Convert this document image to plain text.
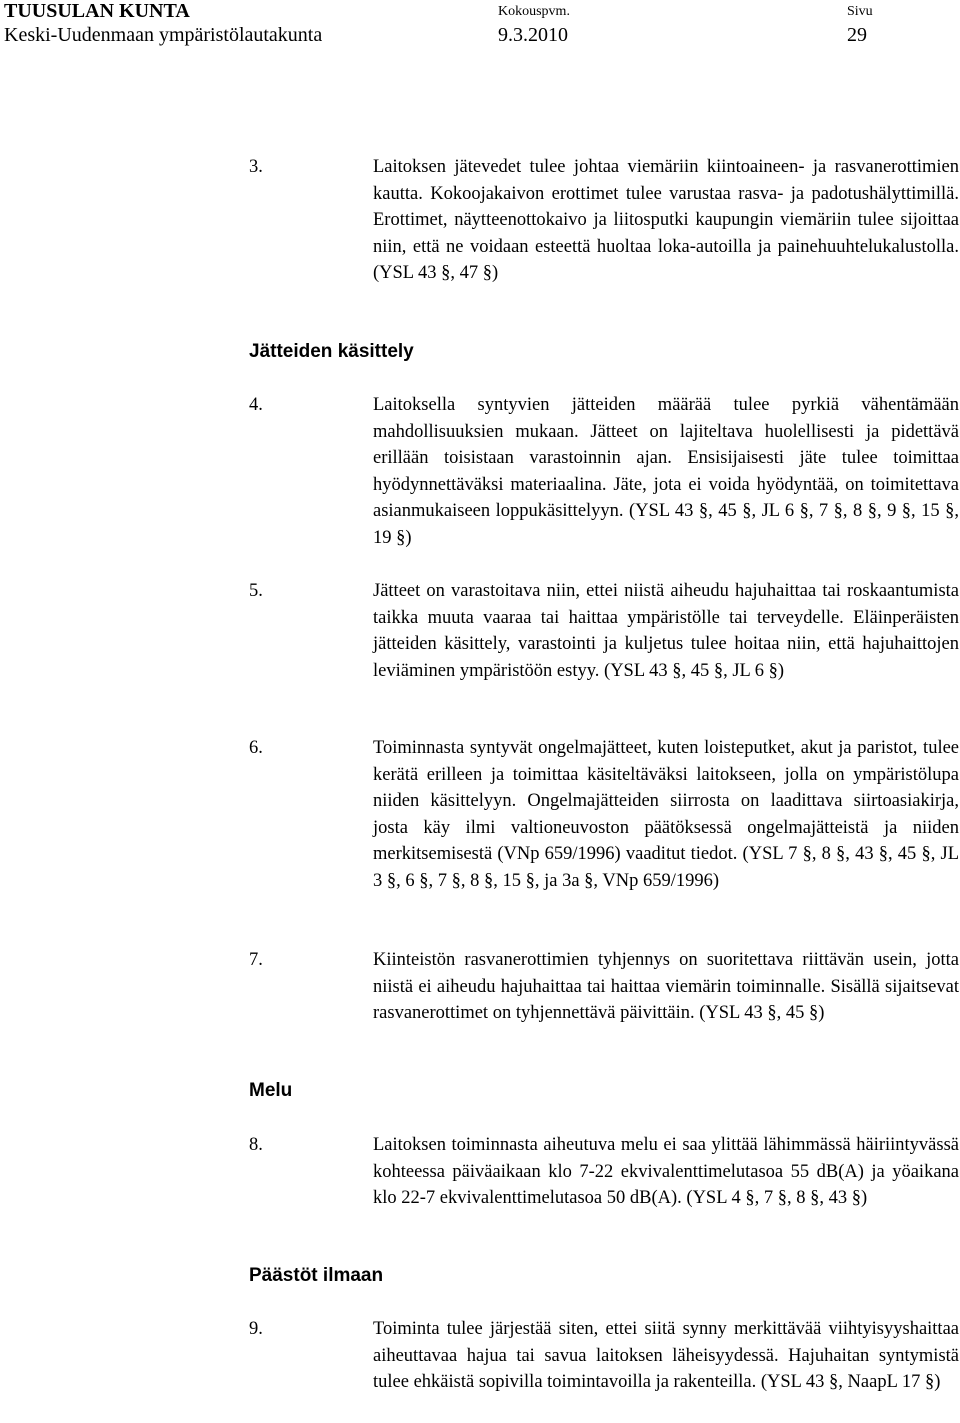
TUUSULAN KUNTA
Keski-Uudenmaan ympäristölautakunta
Kokouspvm.
9.3.2010
Sivu
29
3.	Laitoksen jätevedet tulee johtaa viemäriin kiintoaineen- ja rasvanerottimien kautta. Kokoojakaivon erottimet tulee varustaa rasva- ja padotushälyttimillä. Erottimet, näytteenottokaivo ja liitosputki kaupungin viemäriin tulee sijoittaa niin, että ne voidaan esteettä huoltaa loka-autoilla ja painehuuhtelukalustolla. (YSL 43 §, 47 §)
Jätteiden käsittely
4.	Laitoksella syntyvien jätteiden määrää tulee pyrkiä vähentämään mahdollisuuksien mukaan. Jätteet on lajiteltava huolellisesti ja pidettävä erillään toisistaan varastoinnin ajan. Ensisijaisesti jäte tulee toimittaa hyödynnettäväksi materiaalina. Jäte, jota ei voida hyödyntää, on toimitettava asianmukaiseen loppukäsittelyyn. (YSL 43 §, 45 §, JL 6 §, 7 §, 8 §, 9 §, 15 §, 19 §)
5.	Jätteet on varastoitava niin, ettei niistä aiheudu hajuhaittaa tai roskaantumista taikka muuta vaaraa tai haittaa ympäristölle tai terveydelle. Eläinperäisten jätteiden käsittely, varastointi ja kuljetus tulee hoitaa niin, että hajuhaittojen leviäminen ympäristöön estyy. (YSL 43 §, 45 §, JL 6 §)
6.	Toiminnasta syntyvät ongelmajätteet, kuten loisteputket, akut ja paristot, tulee kerätä erilleen ja toimittaa käsiteltäväksi laitokseen, jolla on ympäristölupa niiden käsittelyyn. Ongelmajätteiden siirrosta on laadittava siirtoasiakirja, josta käy ilmi valtioneuvoston päätöksessä ongelmajätteistä ja niiden merkitsemisestä (VNp 659/1996) vaaditut tiedot. (YSL 7 §, 8 §, 43 §, 45 §, JL 3 §, 6 §, 7 §, 8 §, 15 §, ja 3a §, VNp 659/1996)
7.	Kiinteistön rasvanerottimien tyhjennys on suoritettava riittävän usein, jotta niistä ei aiheudu hajuhaittaa tai haittaa viemärin toiminnalle. Sisällä sijaitsevat rasvanerottimet on tyhjennettävä päivittäin. (YSL 43 §, 45 §)
Melu
8.	Laitoksen toiminnasta aiheutuva melu ei saa ylittää lähimmässä häiriintyvässä kohteessa päiväaikaan klo 7-22 ekvivalenttimelutasoa 55 dB(A) ja yöaikana klo 22-7 ekvivalenttimelutasoa 50 dB(A). (YSL 4 §, 7 §, 8 §, 43 §)
Päästöt ilmaan
9.	Toiminta tulee järjestää siten, ettei siitä synny merkittävää viihtyisyyshaittaa aiheuttavaa hajua tai savua laitoksen läheisyydessä. Hajuhaitan syntymistä tulee ehkäistä sopivilla toimintavoilla ja rakenteilla. (YSL 43 §, NaapL 17 §)
